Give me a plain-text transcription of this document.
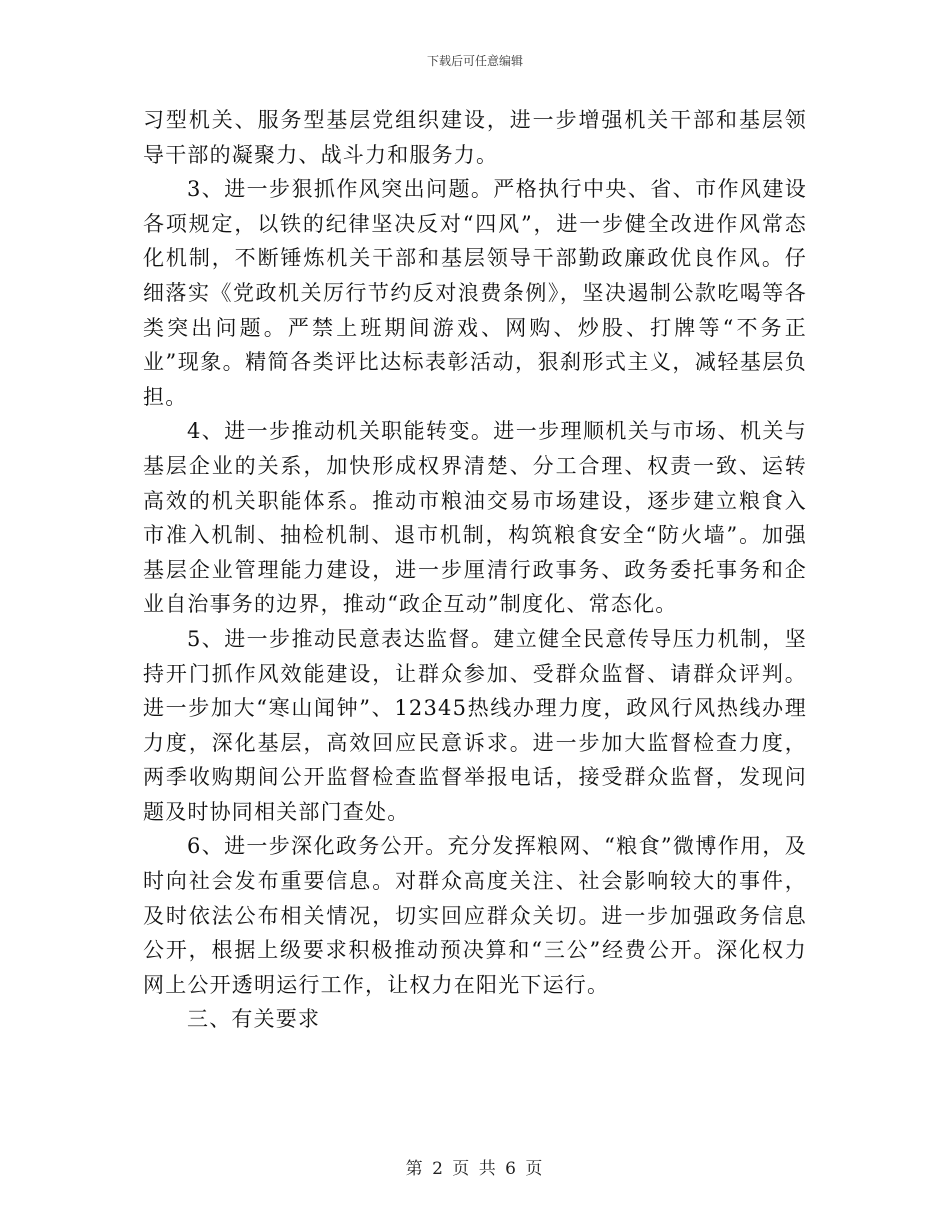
下载后可任意编辑

习型机关、服务型基层党组织建设，进一步增强机关干部和基层领导干部的凝聚力、战斗力和服务力。

3、进一步狠抓作风突出问题。严格执行中央、省、市作风建设各项规定，以铁的纪律坚决反对“四风”，进一步健全改进作风常态化机制，不断锤炼机关干部和基层领导干部勤政廉政优良作风。仔细落实《党政机关厉行节约反对浪费条例》，坚决遏制公款吃喝等各类突出问题。严禁上班期间游戏、网购、炒股、打牌等“不务正业”现象。精简各类评比达标表彰活动，狠刹形式主义，减轻基层负担。

4、进一步推动机关职能转变。进一步理顺机关与市场、机关与基层企业的关系，加快形成权界清楚、分工合理、权责一致、运转高效的机关职能体系。推动市粮油交易市场建设，逐步建立粮食入市准入机制、抽检机制、退市机制，构筑粮食安全“防火墙”。加强基层企业管理能力建设，进一步厘清行政事务、政务委托事务和企业自治事务的边界，推动“政企互动”制度化、常态化。

5、进一步推动民意表达监督。建立健全民意传导压力机制，坚持开门抓作风效能建设，让群众参加、受群众监督、请群众评判。进一步加大“寒山闻钟”、12345热线办理力度，政风行风热线办理力度，深化基层，高效回应民意诉求。进一步加大监督检查力度，两季收购期间公开监督检查监督举报电话，接受群众监督，发现问题及时协同相关部门查处。

6、进一步深化政务公开。充分发挥粮网、“粮食”微博作用，及时向社会发布重要信息。对群众高度关注、社会影响较大的事件，及时依法公布相关情况，切实回应群众关切。进一步加强政务信息公开，根据上级要求积极推动预决算和“三公”经费公开。深化权力网上公开透明运行工作，让权力在阳光下运行。

三、有关要求

第 2 页 共 6 页
